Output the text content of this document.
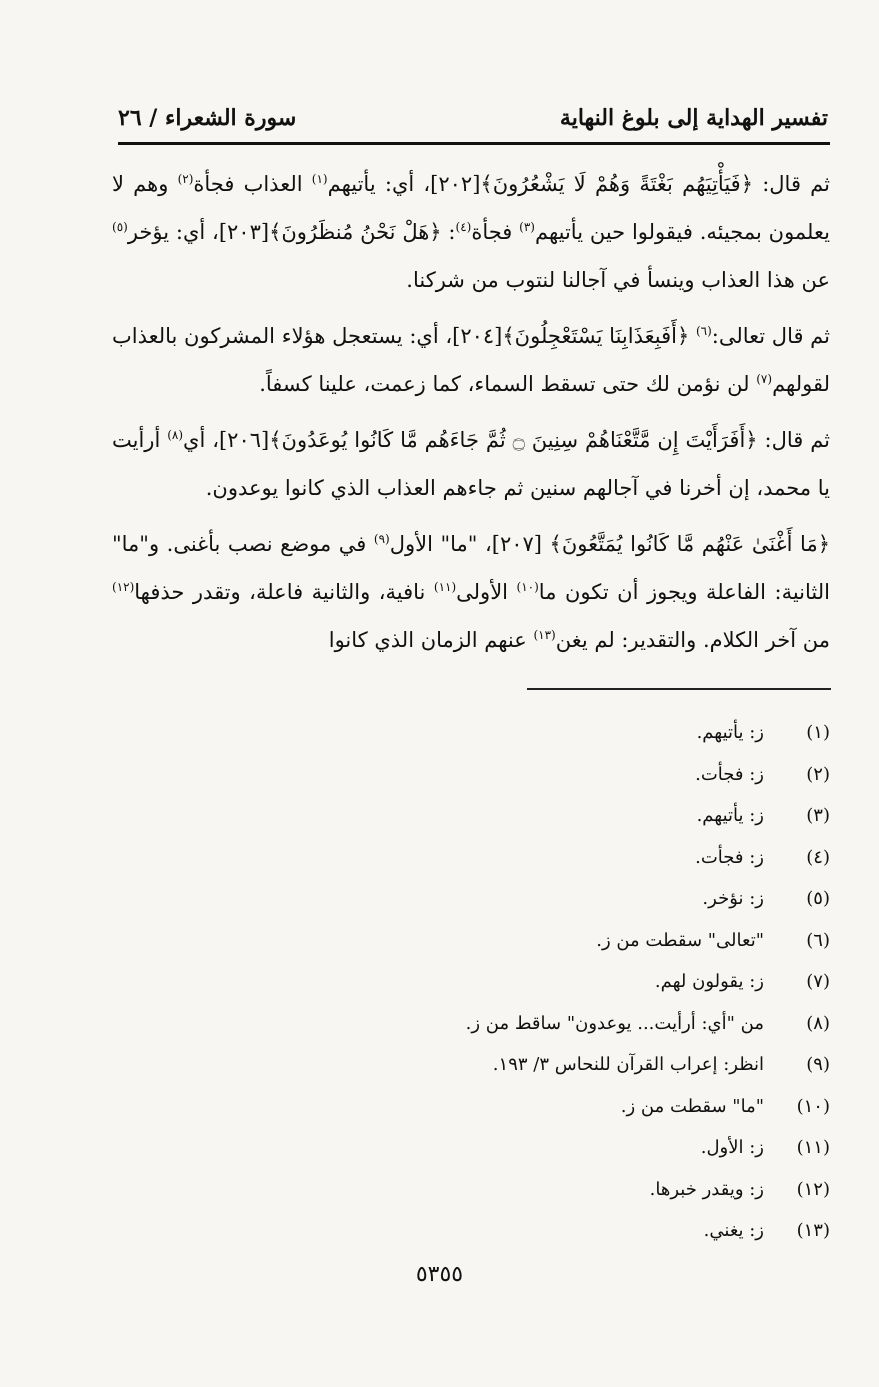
تفسير الهداية إلى بلوغ النهاية
سورة الشعراء / ٢٦

ثم قال: ﴿فَيَأْتِيَهُم بَغْتَةً وَهُمْ لَا يَشْعُرُونَ﴾[٢٠٢]، أي: يأتيهم$^{(١)}$ العذاب فجأة$^{(٢)}$ وهم لا يعلمون بمجيئه. فيقولوا حين يأتيهم$^{(٣)}$ فجأة$^{(٤)}$: ﴿هَلْ نَحْنُ مُنظَرُونَ﴾[٢٠٣]، أي: يؤخر$^{(٥)}$ عن هذا العذاب وينسأ في آجالنا لنتوب من شركنا.

ثم قال تعالى:$^{(٦)}$ ﴿أَفَبِعَذَابِنَا يَسْتَعْجِلُونَ﴾[٢٠٤]، أي: يستعجل هؤلاء المشركون بالعذاب لقولهم$^{(٧)}$ لن نؤمن لك حتى تسقط السماء، كما زعمت، علينا كسفاً.

ثم قال: ﴿أَفَرَأَيْتَ إِن مَّتَّعْنَاهُمْ سِنِينَ ۝ ثُمَّ جَاءَهُم مَّا كَانُوا يُوعَدُونَ﴾[٢٠٦]، أي$^{(٨)}$ أرأيت يا محمد، إن أخرنا في آجالهم سنين ثم جاءهم العذاب الذي كانوا يوعدون.

﴿مَا أَغْنَىٰ عَنْهُم مَّا كَانُوا يُمَتَّعُونَ﴾ [٢٠٧]، "ما" الأول$^{(٩)}$ في موضع نصب بأغنى. و"ما" الثانية: الفاعلة ويجوز أن تكون ما$^{(١٠)}$ الأولى$^{(١١)}$ نافية، والثانية فاعلة، وتقدر حذفها$^{(١٢)}$ من آخر الكلام. والتقدير: لم يغن$^{(١٣)}$ عنهم الزمان الذي كانوا

(١)
ز: يأتيهم.
(٢)
ز: فجأت.
(٣)
ز: يأتيهم.
(٤)
ز: فجأت.
(٥)
ز: نؤخر.
(٦)
"تعالى" سقطت من ز.
(٧)
ز: يقولون لهم.
(٨)
من "أي: أرأيت... يوعدون" ساقط من ز.
(٩)
انظر: إعراب القرآن للنحاس ٣/ ١٩٣.
(١٠)
"ما" سقطت من ز.
(١١)
ز: الأول.
(١٢)
ز: ويقدر خبرها.
(١٣)
ز: يغني.
٥٣٥٥
